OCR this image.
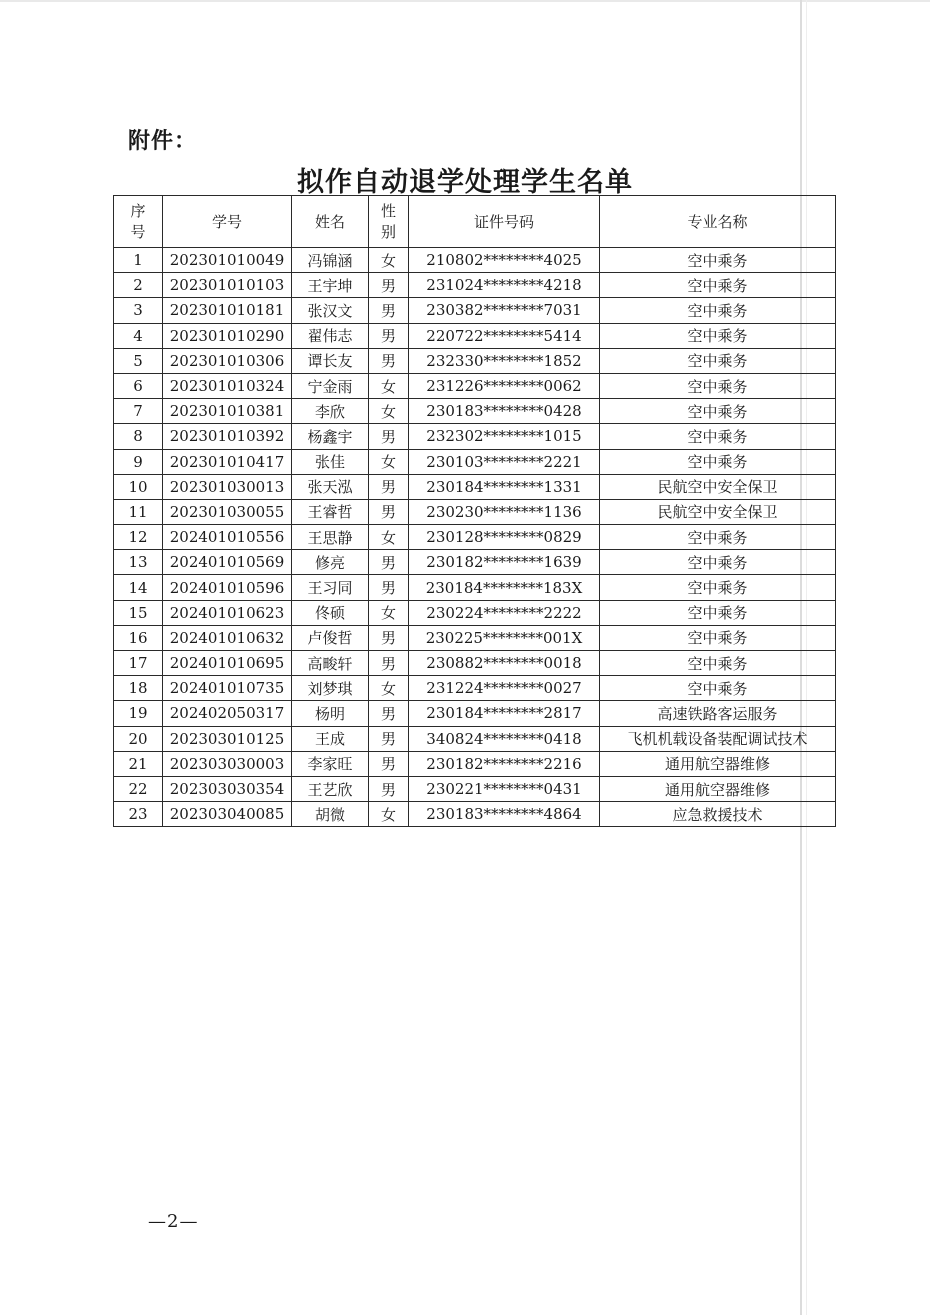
附件：
拟作自动退学处理学生名单
序号	学号	姓名	性别	证件号码	专业名称
1	202301010049	冯锦涵	女	210802********4025	空中乘务
2	202301010103	王宇坤	男	231024********4218	空中乘务
3	202301010181	张汉文	男	230382********7031	空中乘务
4	202301010290	翟伟志	男	220722********5414	空中乘务
5	202301010306	谭长友	男	232330********1852	空中乘务
6	202301010324	宁金雨	女	231226********0062	空中乘务
7	202301010381	李欣	女	230183********0428	空中乘务
8	202301010392	杨鑫宇	男	232302********1015	空中乘务
9	202301010417	张佳	女	230103********2221	空中乘务
10	202301030013	张天泓	男	230184********1331	民航空中安全保卫
11	202301030055	王睿哲	男	230230********1136	民航空中安全保卫
12	202401010556	王思静	女	230128********0829	空中乘务
13	202401010569	修亮	男	230182********1639	空中乘务
14	202401010596	王习同	男	230184********183X	空中乘务
15	202401010623	佟硕	女	230224********2222	空中乘务
16	202401010632	卢俊哲	男	230225********001X	空中乘务
17	202401010695	高畯轩	男	230882********0018	空中乘务
18	202401010735	刘梦琪	女	231224********0027	空中乘务
19	202402050317	杨明	男	230184********2817	高速铁路客运服务
20	202303010125	王成	男	340824********0418	飞机机载设备装配调试技术
21	202303030003	李家旺	男	230182********2216	通用航空器维修
22	202303030354	王艺欣	男	230221********0431	通用航空器维修
23	202303040085	胡微	女	230183********4864	应急救援技术
—2—
